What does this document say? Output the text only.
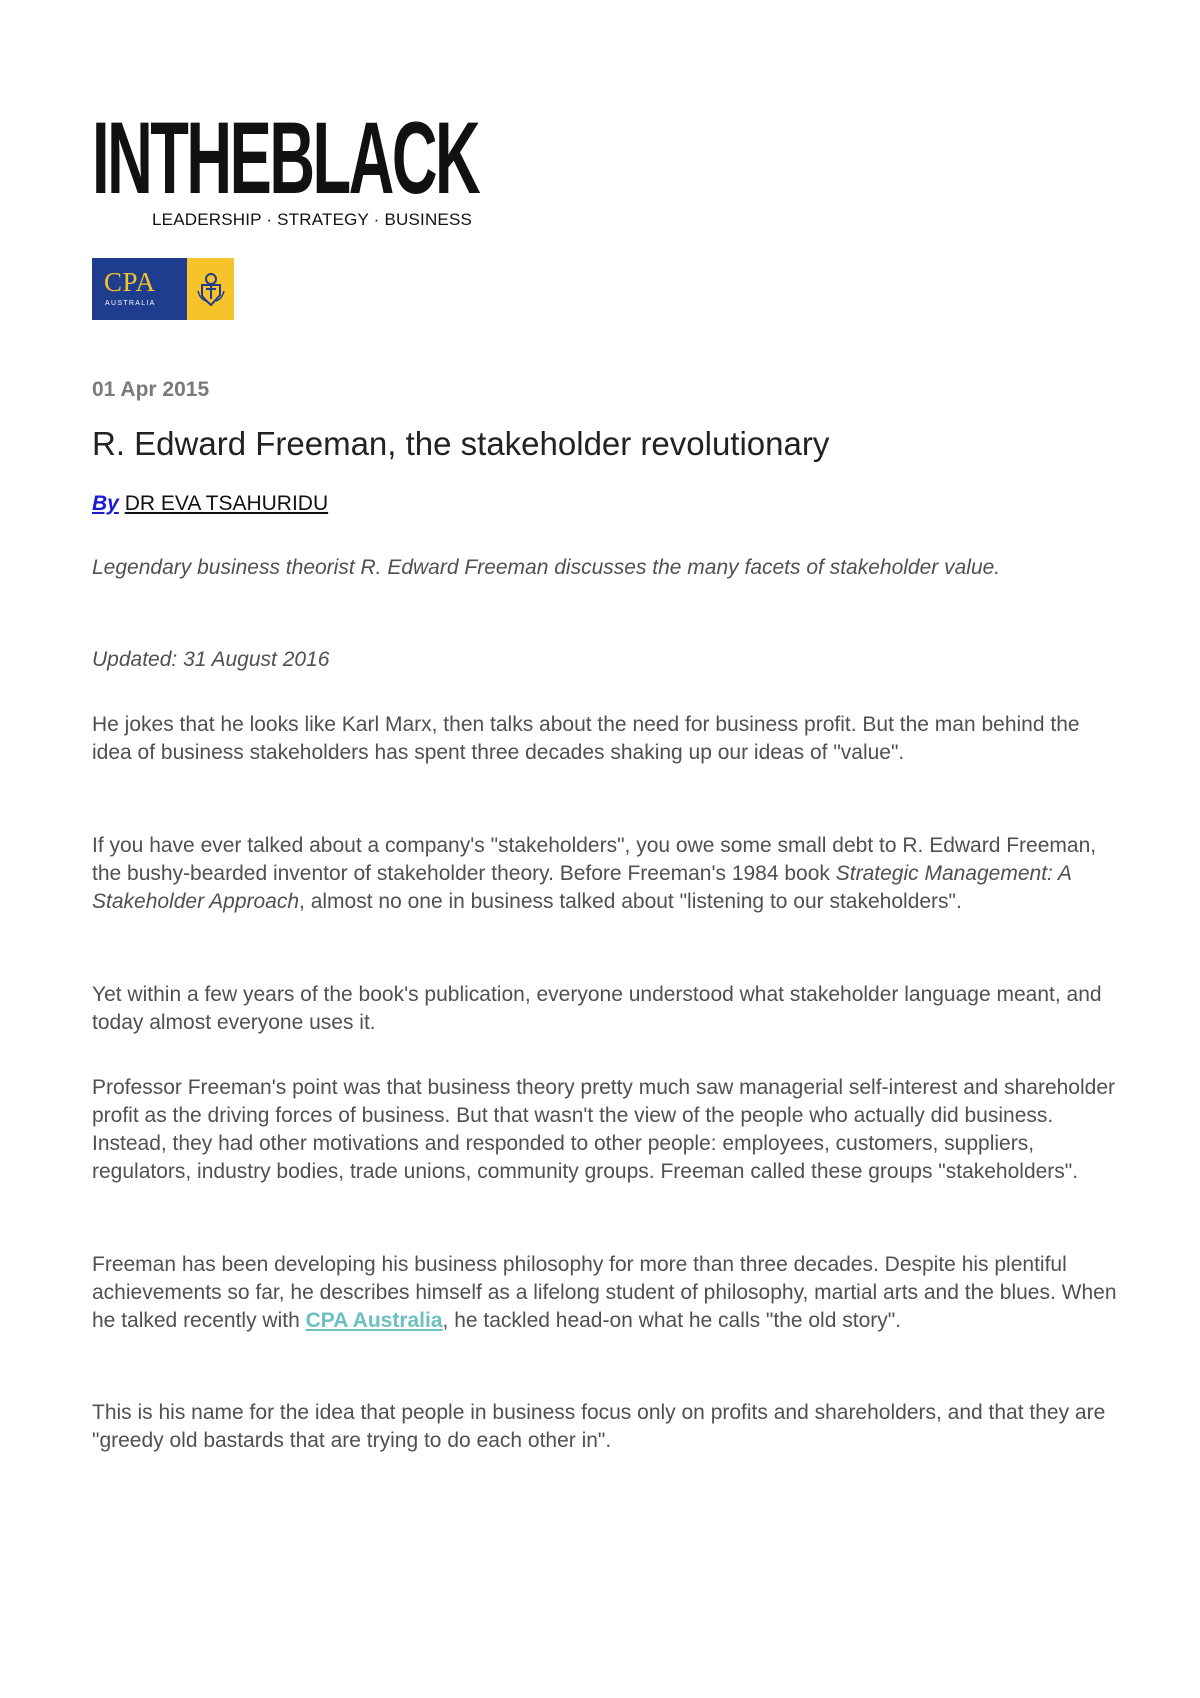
INTHEBLACK
LEADERSHIP · STRATEGY · BUSINESS
CPA
AUSTRALIA
01 Apr 2015
R. Edward Freeman, the stakeholder revolutionary
By DR EVA TSAHURIDU

Legendary business theorist R. Edward Freeman discusses the many facets of stakeholder value.

Updated: 31 August 2016

He jokes that he looks like Karl Marx, then talks about the need for business profit. But the man behind the idea of business stakeholders has spent three decades shaking up our ideas of "value".

If you have ever talked about a company's "stakeholders", you owe some small debt to R. Edward Freeman, the bushy-bearded inventor of stakeholder theory. Before Freeman's 1984 book Strategic Management: A Stakeholder Approach, almost no one in business talked about "listening to our stakeholders".

Yet within a few years of the book's publication, everyone understood what stakeholder language meant, and today almost everyone uses it.

Professor Freeman's point was that business theory pretty much saw managerial self-interest and shareholder profit as the driving forces of business. But that wasn't the view of the people who actually did business. Instead, they had other motivations and responded to other people: employees, customers, suppliers, regulators, industry bodies, trade unions, community groups. Freeman called these groups "stakeholders".

Freeman has been developing his business philosophy for more than three decades. Despite his plentiful achievements so far, he describes himself as a lifelong student of philosophy, martial arts and the blues. When he talked recently with CPA Australia, he tackled head-on what he calls "the old story".

This is his name for the idea that people in business focus only on profits and shareholders, and that they are "greedy old bastards that are trying to do each other in".
